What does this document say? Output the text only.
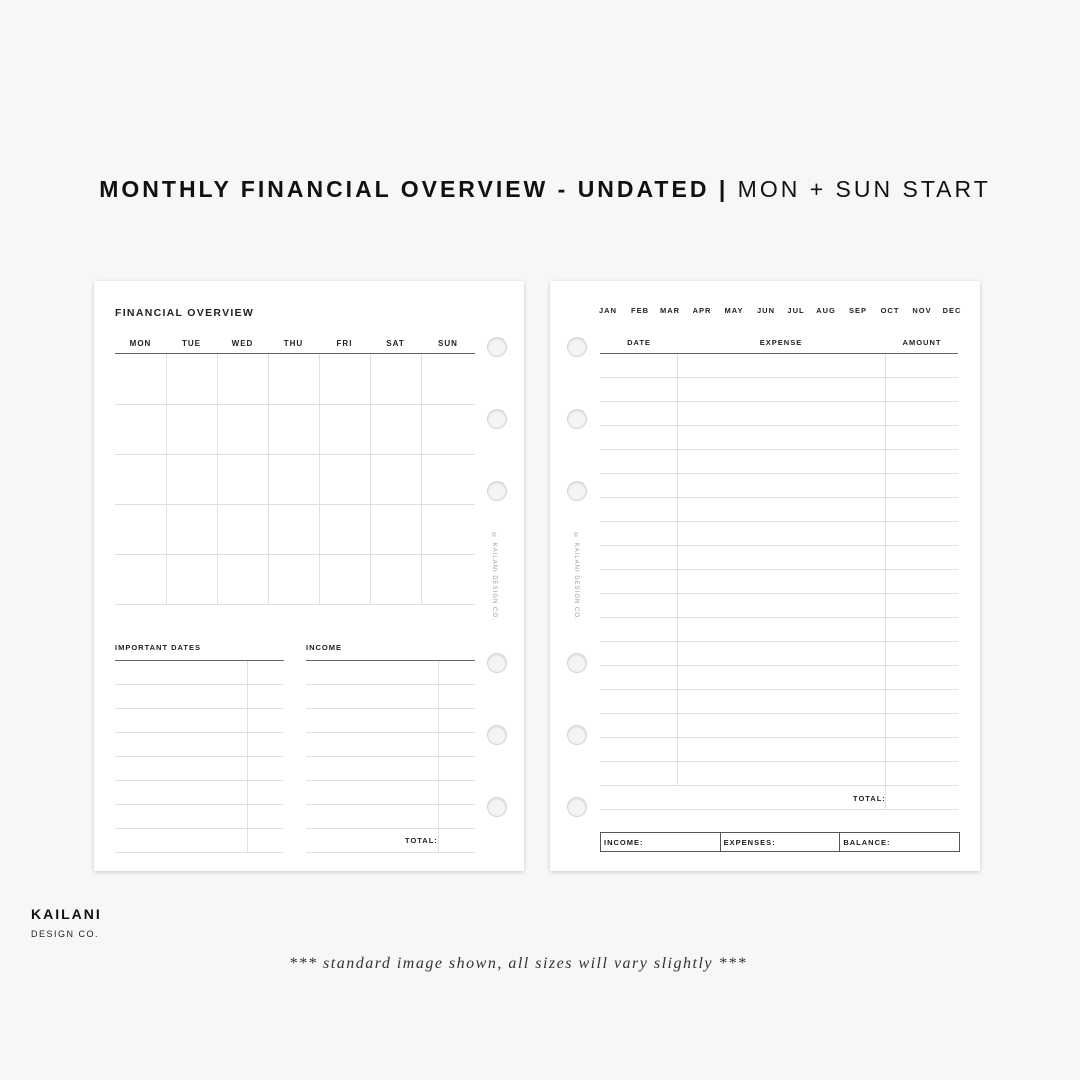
MONTHLY FINANCIAL OVERVIEW - UNDATED | MON + SUN START
FINANCIAL OVERVIEW
MON	TUE	WED	THU	FRI	SAT	SUN
© KAILANI DESIGN CO.
IMPORTANT DATES	INCOME
TOTAL:
JAN	FEB	MAR	APR	MAY	JUN	JUL	AUG	SEP	OCT	NOV	DEC
DATE	EXPENSE	AMOUNT
TOTAL:
© KAILANI DESIGN CO.
INCOME:	EXPENSES:	BALANCE:
KAILANI
DESIGN CO.
*** standard image shown, all sizes will vary slightly ***
